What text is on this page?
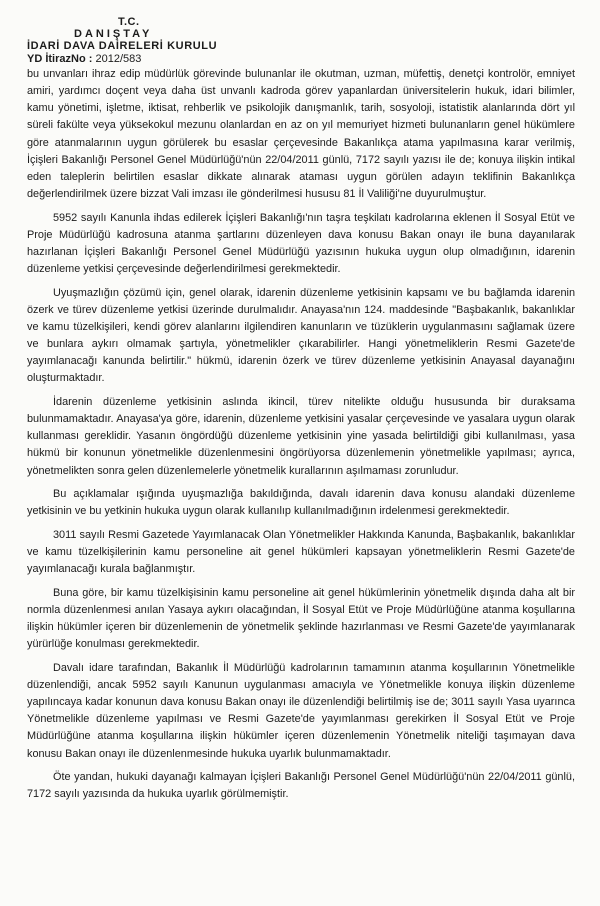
T.C.
DANIŞTAY
İDARİ DAVA DAİRELERİ KURULU
YD İtirazNo : 2012/583

bu unvanları ihraz edip müdürlük görevinde bulunanlar ile okutman, uzman, müfettiş, denetçi kontrolör, emniyet amiri, yardımcı doçent veya daha üst unvanlı kadroda görev yapanlardan üniversitelerin hukuk, idari bilimler, kamu yönetimi, işletme, iktisat, rehberlik ve psikolojik danışmanlık, tarih, sosyoloji, istatistik alanlarında dört yıl süreli fakülte veya yüksekokul mezunu olanlardan en az on yıl memuriyet hizmeti bulunanların genel hükümlere göre atanmalarının uygun görülerek bu esaslar çerçevesinde Bakanlıkça atama yapılmasına karar verilmiş, İçişleri Bakanlığı Personel Genel Müdürlüğü'nün 22/04/2011 günlü, 7172 sayılı yazısı ile de; konuya ilişkin intikal eden taleplerin belirtilen esaslar dikkate alınarak ataması uygun görülen adayın teklifinin Bakanlıkça değerlendirilmek üzere bizzat Vali imzası ile gönderilmesi hususu 81 İl Valiliği'ne duyurulmuştur.

5952 sayılı Kanunla ihdas edilerek İçişleri Bakanlığı'nın taşra teşkilatı kadrolarına eklenen İl Sosyal Etüt ve Proje Müdürlüğü kadrosuna atanma şartlarını düzenleyen dava konusu Bakan onayı ile buna dayanılarak hazırlanan İçişleri Bakanlığı Personel Genel Müdürlüğü yazısının hukuka uygun olup olmadığının, idarenin düzenleme yetkisi çerçevesinde değerlendirilmesi gerekmektedir.

Uyuşmazlığın çözümü için, genel olarak, idarenin düzenleme yetkisinin kapsamı ve bu bağlamda idarenin özerk ve türev düzenleme yetkisi üzerinde durulmalıdır. Anayasa'nın 124. maddesinde "Başbakanlık, bakanlıklar ve kamu tüzelkişileri, kendi görev alanlarını ilgilendiren kanunların ve tüzüklerin uygulanmasını sağlamak üzere ve bunlara aykırı olmamak şartıyla, yönetmelikler çıkarabilirler. Hangi yönetmeliklerin Resmi Gazete'de yayımlanacağı kanunda belirtilir." hükmü, idarenin özerk ve türev düzenleme yetkisinin Anayasal dayanağını oluşturmaktadır.

İdarenin düzenleme yetkisinin aslında ikincil, türev nitelikte olduğu hususunda bir duraksama bulunmamaktadır. Anayasa'ya göre, idarenin, düzenleme yetkisini yasalar çerçevesinde ve yasalara uygun olarak kullanması gereklidir. Yasanın öngördüğü düzenleme yetkisinin yine yasada belirtildiği gibi kullanılması, yasa hükmü bir konunun yönetmelikle düzenlenmesini öngörüyorsa düzenlemenin yönetmelikle yapılması; ayrıca, yönetmelikten sonra gelen düzenlemelerle yönetmelik kurallarının aşılmaması zorunludur.

Bu açıklamalar ışığında uyuşmazlığa bakıldığında, davalı idarenin dava konusu alandaki düzenleme yetkisinin ve bu yetkinin hukuka uygun olarak kullanılıp kullanılmadığının irdelenmesi gerekmektedir.

3011 sayılı Resmi Gazetede Yayımlanacak Olan Yönetmelikler Hakkında Kanunda, Başbakanlık, bakanlıklar ve kamu tüzelkişilerinin kamu personeline ait genel hükümleri kapsayan yönetmeliklerin Resmi Gazete'de yayımlanacağı kurala bağlanmıştır.

Buna göre, bir kamu tüzelkişisinin kamu personeline ait genel hükümlerinin yönetmelik dışında daha alt bir normla düzenlenmesi anılan Yasaya aykırı olacağından, İl Sosyal Etüt ve Proje Müdürlüğüne atanma koşullarına ilişkin hükümler içeren bir düzenlemenin de yönetmelik şeklinde hazırlanması ve Resmi Gazete'de yayımlanarak yürürlüğe konulması gerekmektedir.

Davalı idare tarafından, Bakanlık İl Müdürlüğü kadrolarının tamamının atanma koşullarının Yönetmelikle düzenlendiği, ancak 5952 sayılı Kanunun uygulanması amacıyla ve Yönetmelikle konuya ilişkin düzenleme yapılıncaya kadar konunun dava konusu Bakan onayı ile düzenlendiği belirtilmiş ise de; 3011 sayılı Yasa uyarınca Yönetmelikle düzenleme yapılması ve Resmi Gazete'de yayımlanması gerekirken İl Sosyal Etüt ve Proje Müdürlüğüne atanma koşullarına ilişkin hükümler içeren düzenlemenin Yönetmelik niteliği taşımayan dava konusu Bakan onayı ile düzenlenmesinde hukuka uyarlık bulunmamaktadır.

Öte yandan, hukuki dayanağı kalmayan İçişleri Bakanlığı Personel Genel Müdürlüğü'nün 22/04/2011 günlü, 7172 sayılı yazısında da hukuka uyarlık görülmemiştir.
